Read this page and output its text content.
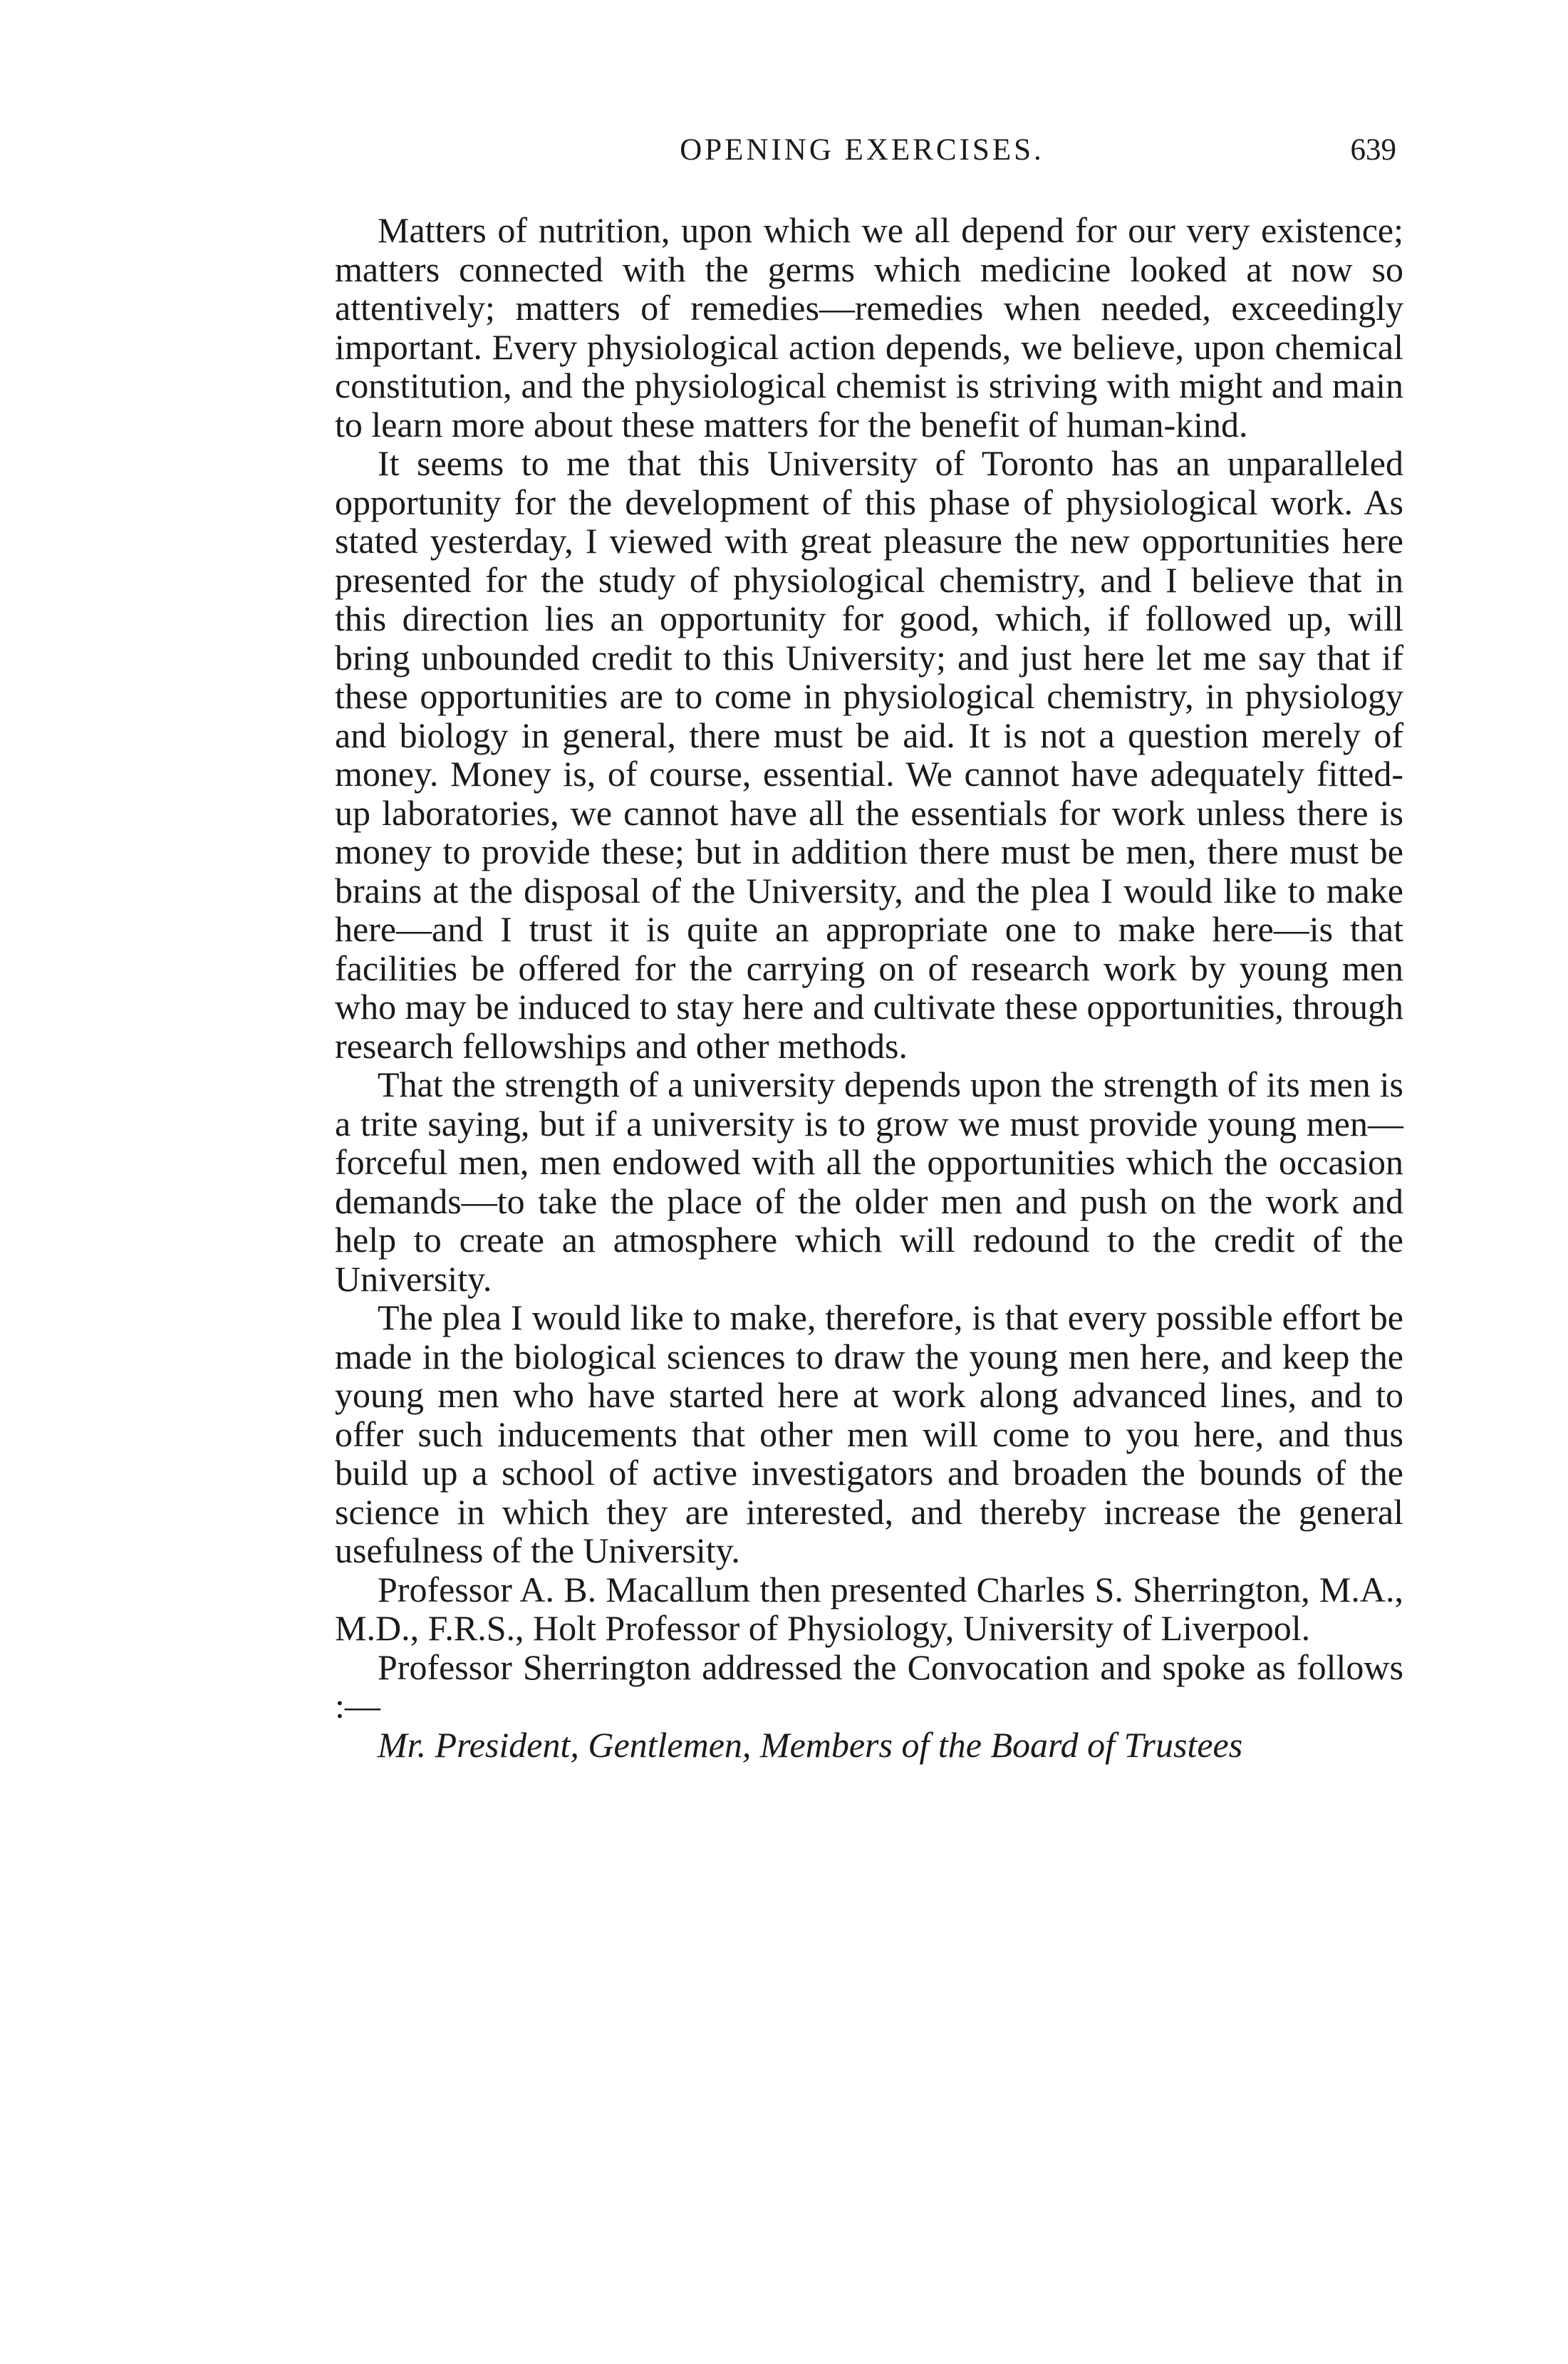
OPENING EXERCISES.	639

Matters of nutrition, upon which we all depend for our very existence; matters connected with the germs which medicine looked at now so attentively; matters of remedies—remedies when needed, exceedingly important. Every physiological action depends, we believe, upon chemical constitution, and the physiological chemist is striving with might and main to learn more about these matters for the benefit of human-kind.

It seems to me that this University of Toronto has an unparalleled opportunity for the development of this phase of physiological work. As stated yesterday, I viewed with great pleasure the new opportunities here presented for the study of physiological chemistry, and I believe that in this direction lies an opportunity for good, which, if followed up, will bring unbounded credit to this University; and just here let me say that if these opportunities are to come in physiological chemistry, in physiology and biology in general, there must be aid. It is not a question merely of money. Money is, of course, essential. We cannot have adequately fitted-up laboratories, we cannot have all the essentials for work unless there is money to provide these; but in addition there must be men, there must be brains at the disposal of the University, and the plea I would like to make here—and I trust it is quite an appropriate one to make here—is that facilities be offered for the carrying on of research work by young men who may be induced to stay here and cultivate these opportunities, through research fellowships and other methods.

That the strength of a university depends upon the strength of its men is a trite saying, but if a university is to grow we must provide young men—forceful men, men endowed with all the opportunities which the occasion demands—to take the place of the older men and push on the work and help to create an atmosphere which will redound to the credit of the University.

The plea I would like to make, therefore, is that every possible effort be made in the biological sciences to draw the young men here, and keep the young men who have started here at work along advanced lines, and to offer such inducements that other men will come to you here, and thus build up a school of active investigators and broaden the bounds of the science in which they are interested, and thereby increase the general usefulness of the University.

Professor A. B. Macallum then presented Charles S. Sherrington, M.A., M.D., F.R.S., Holt Professor of Physiology, University of Liverpool.

Professor Sherrington addressed the Convocation and spoke as follows :—

Mr. President, Gentlemen, Members of the Board of Trustees
